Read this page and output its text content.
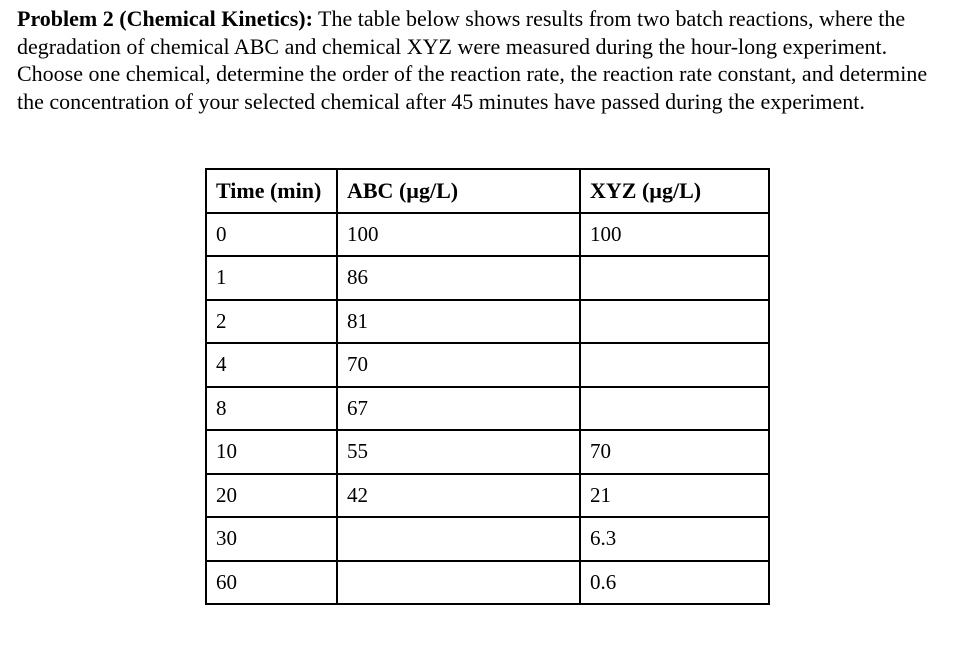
Problem 2 (Chemical Kinetics): The table below shows results from two batch reactions, where the degradation of chemical ABC and chemical XYZ were measured during the hour-long experiment. Choose one chemical, determine the order of the reaction rate, the reaction rate constant, and determine the concentration of your selected chemical after 45 minutes have passed during the experiment.

Time (min)	ABC (µg/L)	XYZ (µg/L)
0	100	100
1	86	
2	81	
4	70	
8	67	
10	55	70
20	42	21
30		6.3
60		0.6
